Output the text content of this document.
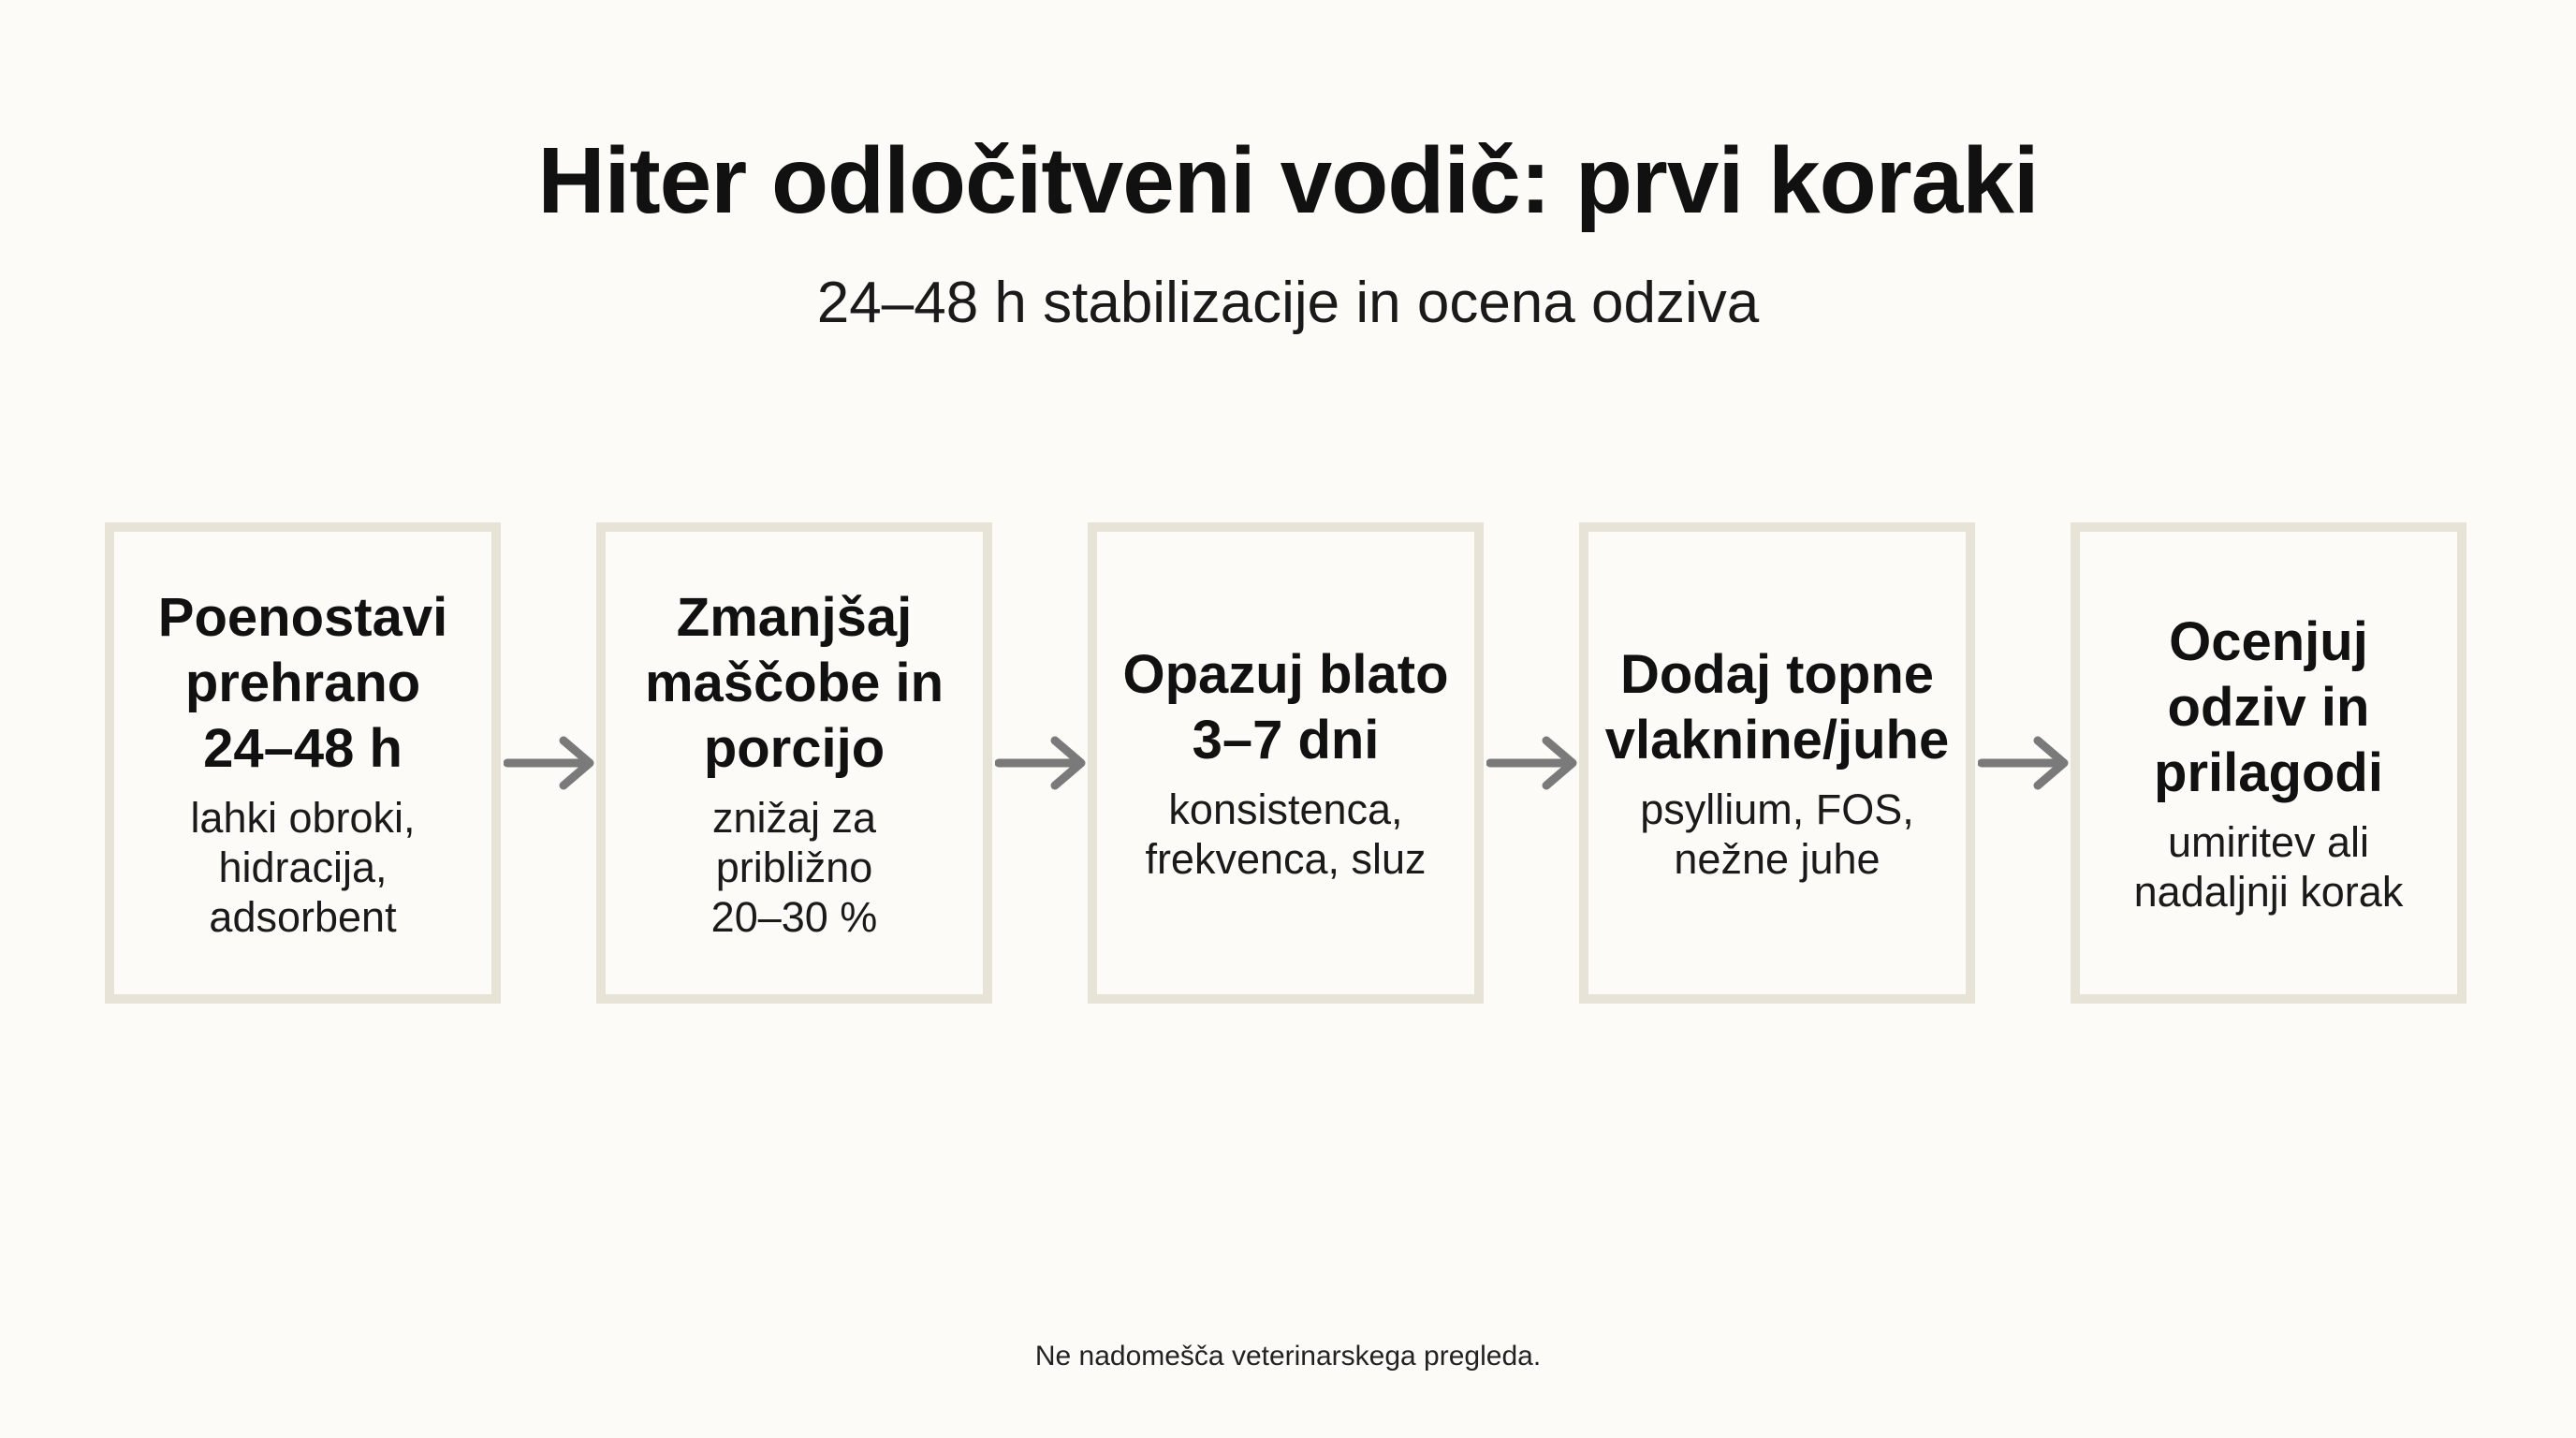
Hiter odločitveni vodič: prvi koraki
24–48 h stabilizacije in ocena odziva
Poenostavi
prehrano
24–48 h
lahki obroki,
hidracija,
adsorbent
Zmanjšaj
maščobe in
porcijo
znižaj za
približno
20–30 %
Opazuj blato
3–7 dni
konsistenca,
frekvenca, sluz
Dodaj topne
vlaknine/juhe
psyllium, FOS,
nežne juhe
Ocenjuj
odziv in
prilagodi
umiritev ali
nadaljnji korak
Ne nadomešča veterinarskega pregleda.
